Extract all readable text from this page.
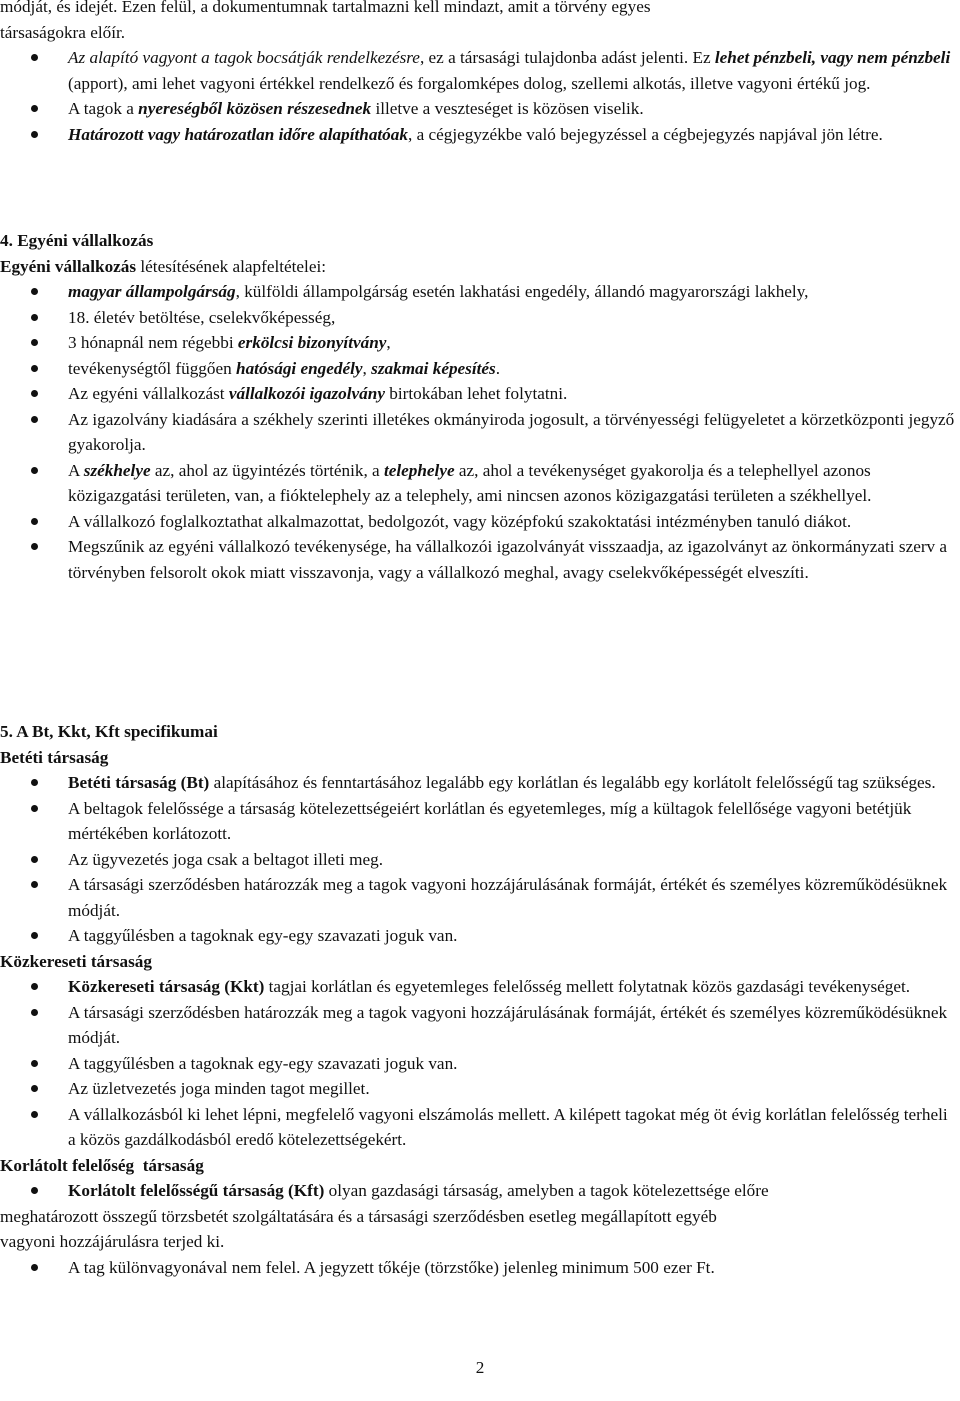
módját, és idejét. Ezen felül, a dokumentumnak tartalmazni kell mindazt, amit a törvény egyes
társaságokra előír.
Az alapító vagyont a tagok bocsátják rendelkezésre, ez a társasági tulajdonba adást jelenti. Ez lehet pénzbeli, vagy nem pénzbeli (apport), ami lehet vagyoni értékkel rendelkező és forgalomképes dolog, szellemi alkotás, illetve vagyoni értékű jog.
A tagok a nyereségből közösen részesednek illetve a veszteséget is közösen viselik.
Határozott vagy határozatlan időre alapíthatóak, a cégjegyzékbe való bejegyzéssel a cégbejegyzés napjával jön létre.
4. Egyéni vállalkozás
Egyéni vállalkozás létesítésének alapfeltételei:
magyar állampolgárság, külföldi állampolgárság esetén lakhatási engedély, állandó magyarországi lakhely,
18. életév betöltése, cselekvőképesség,
3 hónapnál nem régebbi erkölcsi bizonyítvány,
tevékenységtől függően hatósági engedély, szakmai képesítés.
Az egyéni vállalkozást vállalkozói igazolvány birtokában lehet folytatni.
Az igazolvány kiadására a székhely szerinti illetékes okmányiroda jogosult, a törvényességi felügyeletet a körzetközponti jegyző gyakorolja.
A székhelye az, ahol az ügyintézés történik, a telephelye az, ahol a tevékenységet gyakorolja és a telephellyel azonos közigazgatási területen, van, a fióktelephely az a telephely, ami nincsen azonos közigazgatási területen a székhellyel.
A vállalkozó foglalkoztathat alkalmazottat, bedolgozót, vagy középfokú szakoktatási intézményben tanuló diákot.
Megszűnik az egyéni vállalkozó tevékenysége, ha vállalkozói igazolványát visszaadja, az igazolványt az önkormányzati szerv a törvényben felsorolt okok miatt visszavonja, vagy a vállalkozó meghal, avagy cselekvőképességét elveszíti.
5. A Bt, Kkt, Kft specifikumai
Betéti társaság
Betéti társaság (Bt) alapításához és fenntartásához legalább egy korlátlan és legalább egy korlátolt felelősségű tag szükséges.
A beltagok felelőssége a társaság kötelezettségeiért korlátlan és egyetemleges, míg a kültagok felellősége vagyoni betétjük mértékében korlátozott.
Az ügyvezetés joga csak a beltagot illeti meg.
A társasági szerződésben határozzák meg a tagok vagyoni hozzájárulásának formáját, értékét és személyes közreműködésüknek módját.
A taggyűlésben a tagoknak egy-egy szavazati joguk van.
Közkereseti társaság
Közkereseti társaság (Kkt) tagjai korlátlan és egyetemleges felelősség mellett folytatnak közös gazdasági tevékenységet.
A társasági szerződésben határozzák meg a tagok vagyoni hozzájárulásának formáját, értékét és személyes közreműködésüknek módját.
A taggyűlésben a tagoknak egy-egy szavazati joguk van.
Az üzletvezetés joga minden tagot megillet.
A vállalkozásból ki lehet lépni, megfelelő vagyoni elszámolás mellett. A kilépett tagokat még öt évig korlátlan felelősség terheli a közös gazdálkodásból eredő kötelezettségekért.
Korlátolt felelőség  társaság
Korlátolt felelősségű társaság (Kft) olyan gazdasági társaság, amelyben a tagok kötelezettsége előre
meghatározott összegű törzsbetét szolgáltatására és a társasági szerződésben esetleg megállapított egyéb
vagyoni hozzájárulásra terjed ki.
A tag különvagyonával nem felel. A jegyzett tőkéje (törzstőke) jelenleg minimum 500 ezer Ft.
2
